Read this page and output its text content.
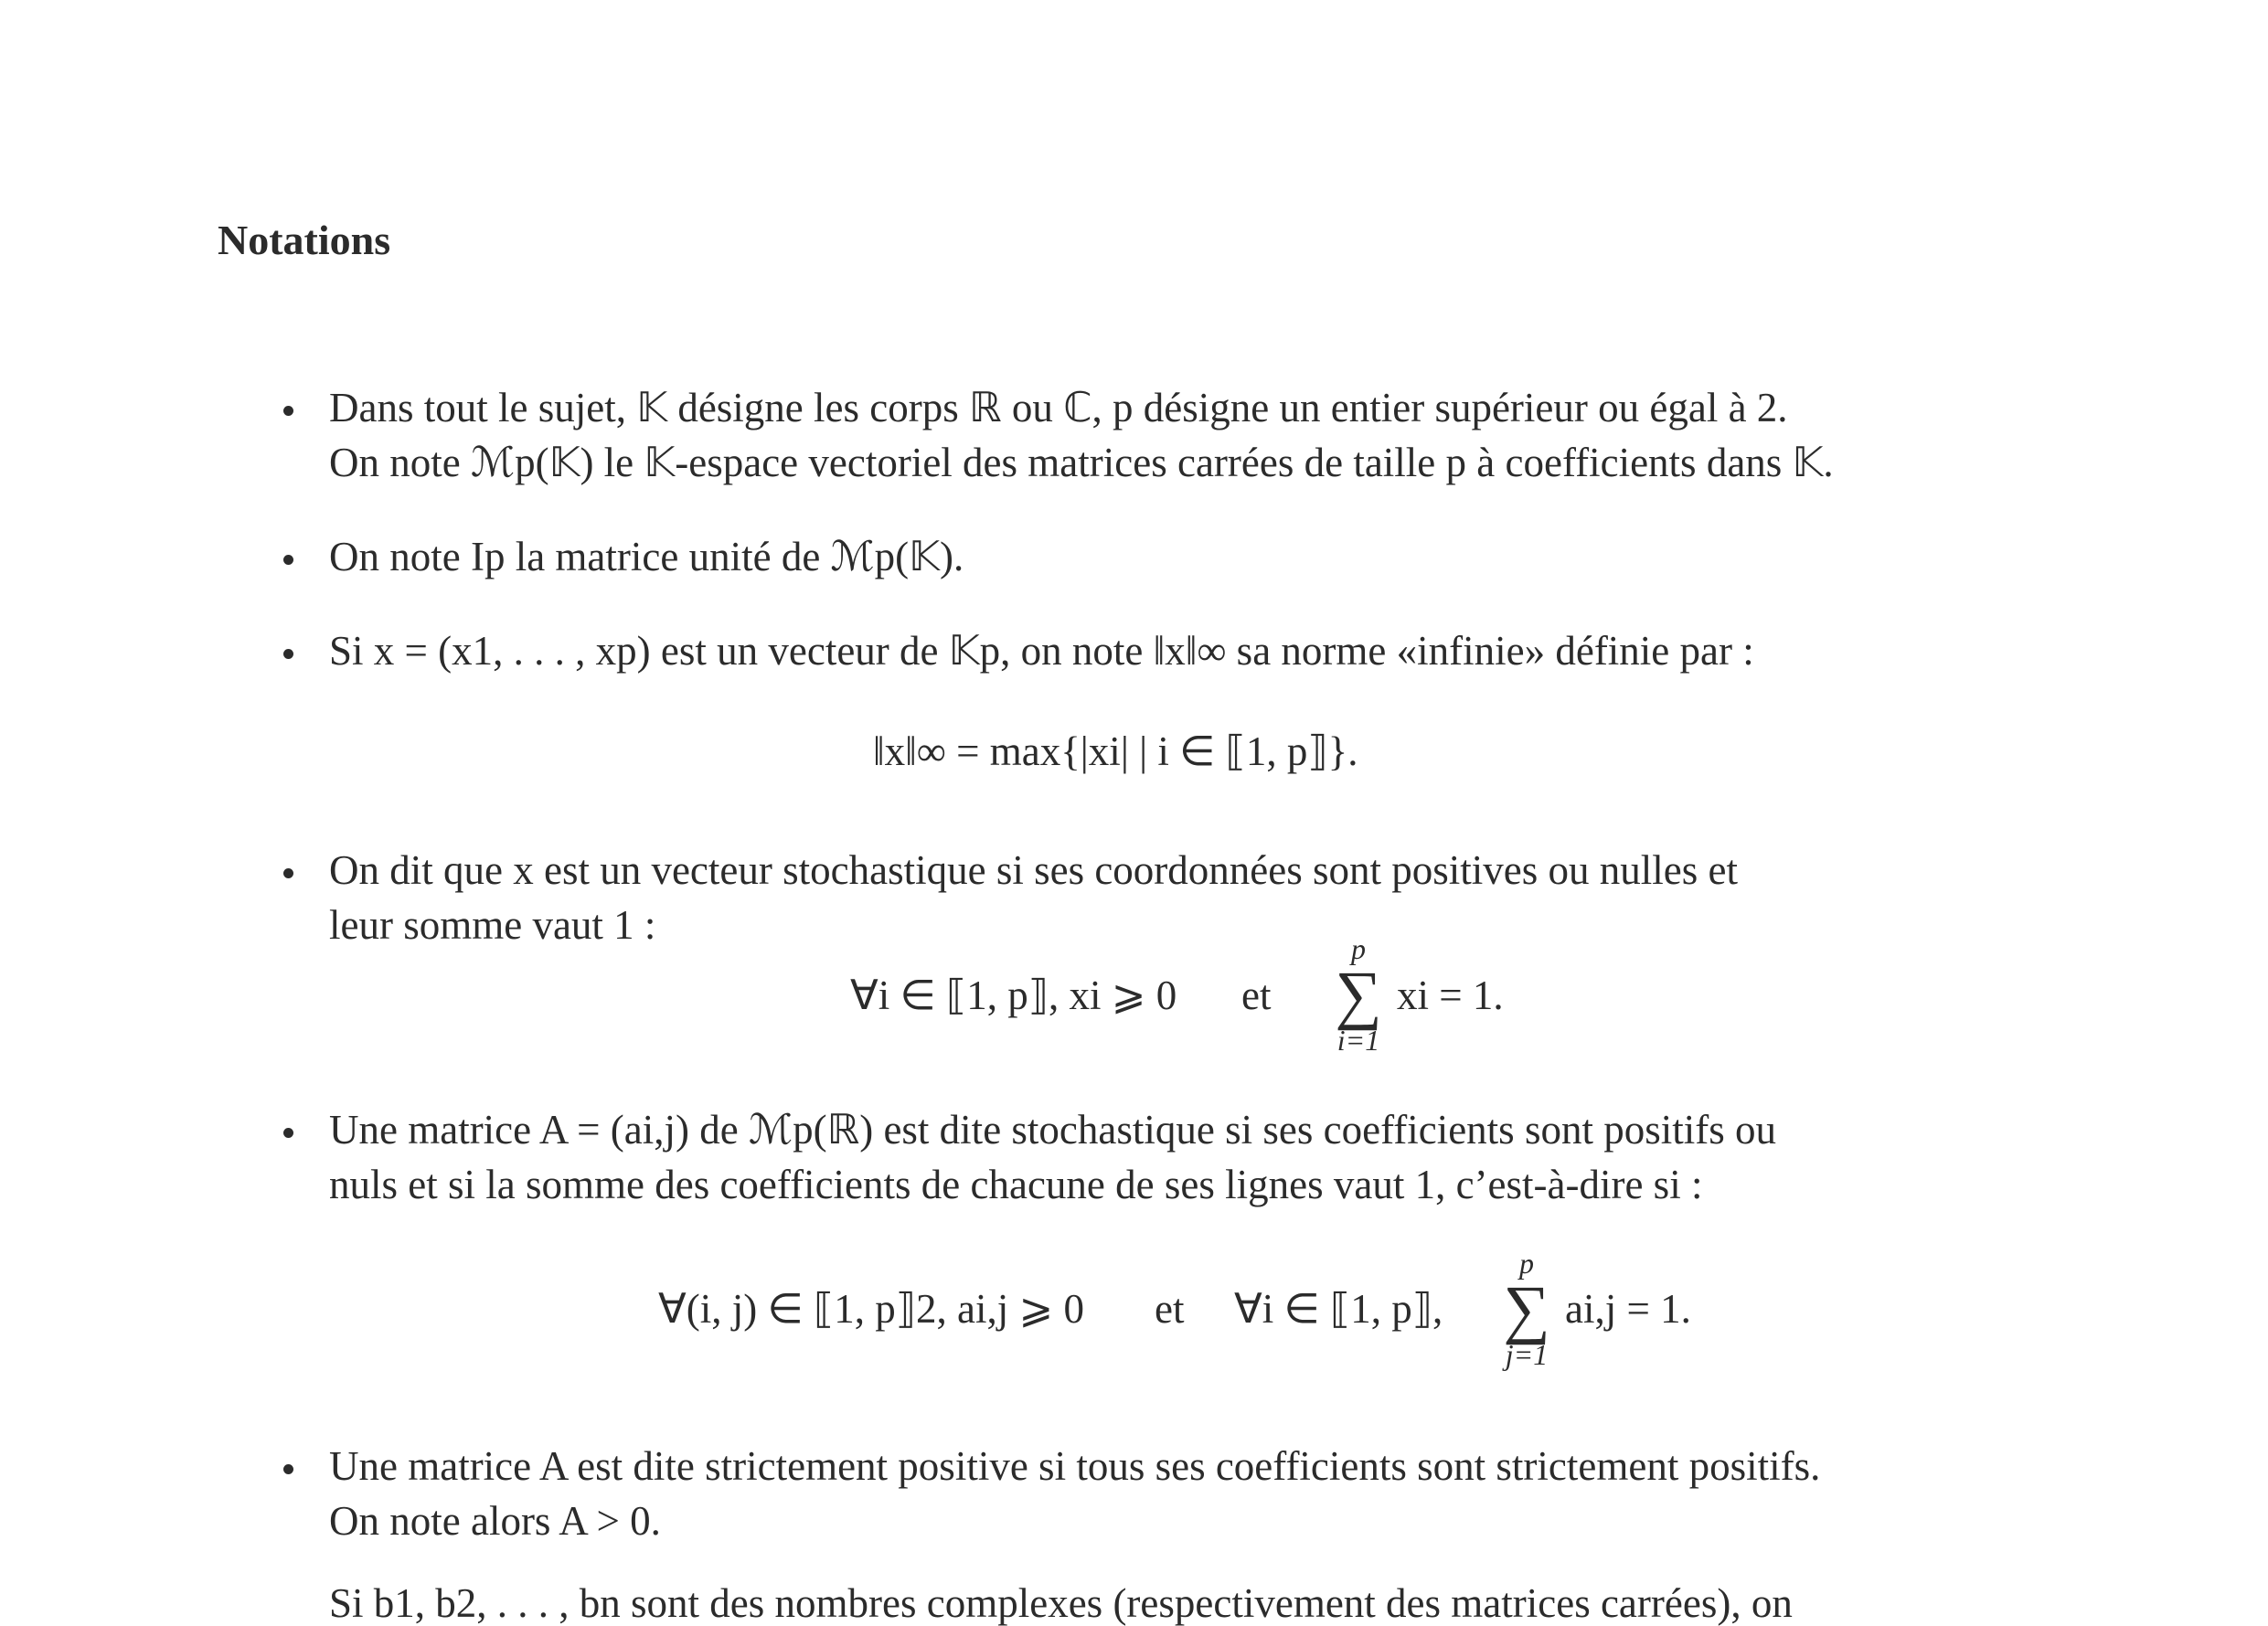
Notations
Dans tout le sujet, 𝕂 désigne les corps ℝ ou ℂ, p désigne un entier supérieur ou égal à 2.
On note ℳp(𝕂) le 𝕂-espace vectoriel des matrices carrées de taille p à coefficients dans 𝕂.
On note Ip la matrice unité de ℳp(𝕂).
Si x = (x1, . . . , xp) est un vecteur de 𝕂p, on note ‖x‖∞ sa norme «infinie» définie par :
‖x‖∞ = max{|xi| | i ∈ ⟦1, p⟧}.
On dit que x est un vecteur stochastique si ses coordonnées sont positives ou nulles et
leur somme vaut 1 :
∀i ∈ ⟦1, p⟧, xi ⩾ 0 et
p
∑
i=1
xi = 1.
Une matrice A = (ai,j) de ℳp(ℝ) est dite stochastique si ses coefficients sont positifs ou
nuls et si la somme des coefficients de chacune de ses lignes vaut 1, c’est-à-dire si :
∀(i, j) ∈ ⟦1, p⟧2, ai,j ⩾ 0 et ∀i ∈ ⟦1, p⟧,
p
∑
j=1
ai,j = 1.
Une matrice A est dite strictement positive si tous ses coefficients sont strictement positifs.
On note alors A > 0.
Si b1, b2, . . . , bn sont des nombres complexes (respectivement des matrices carrées), on
